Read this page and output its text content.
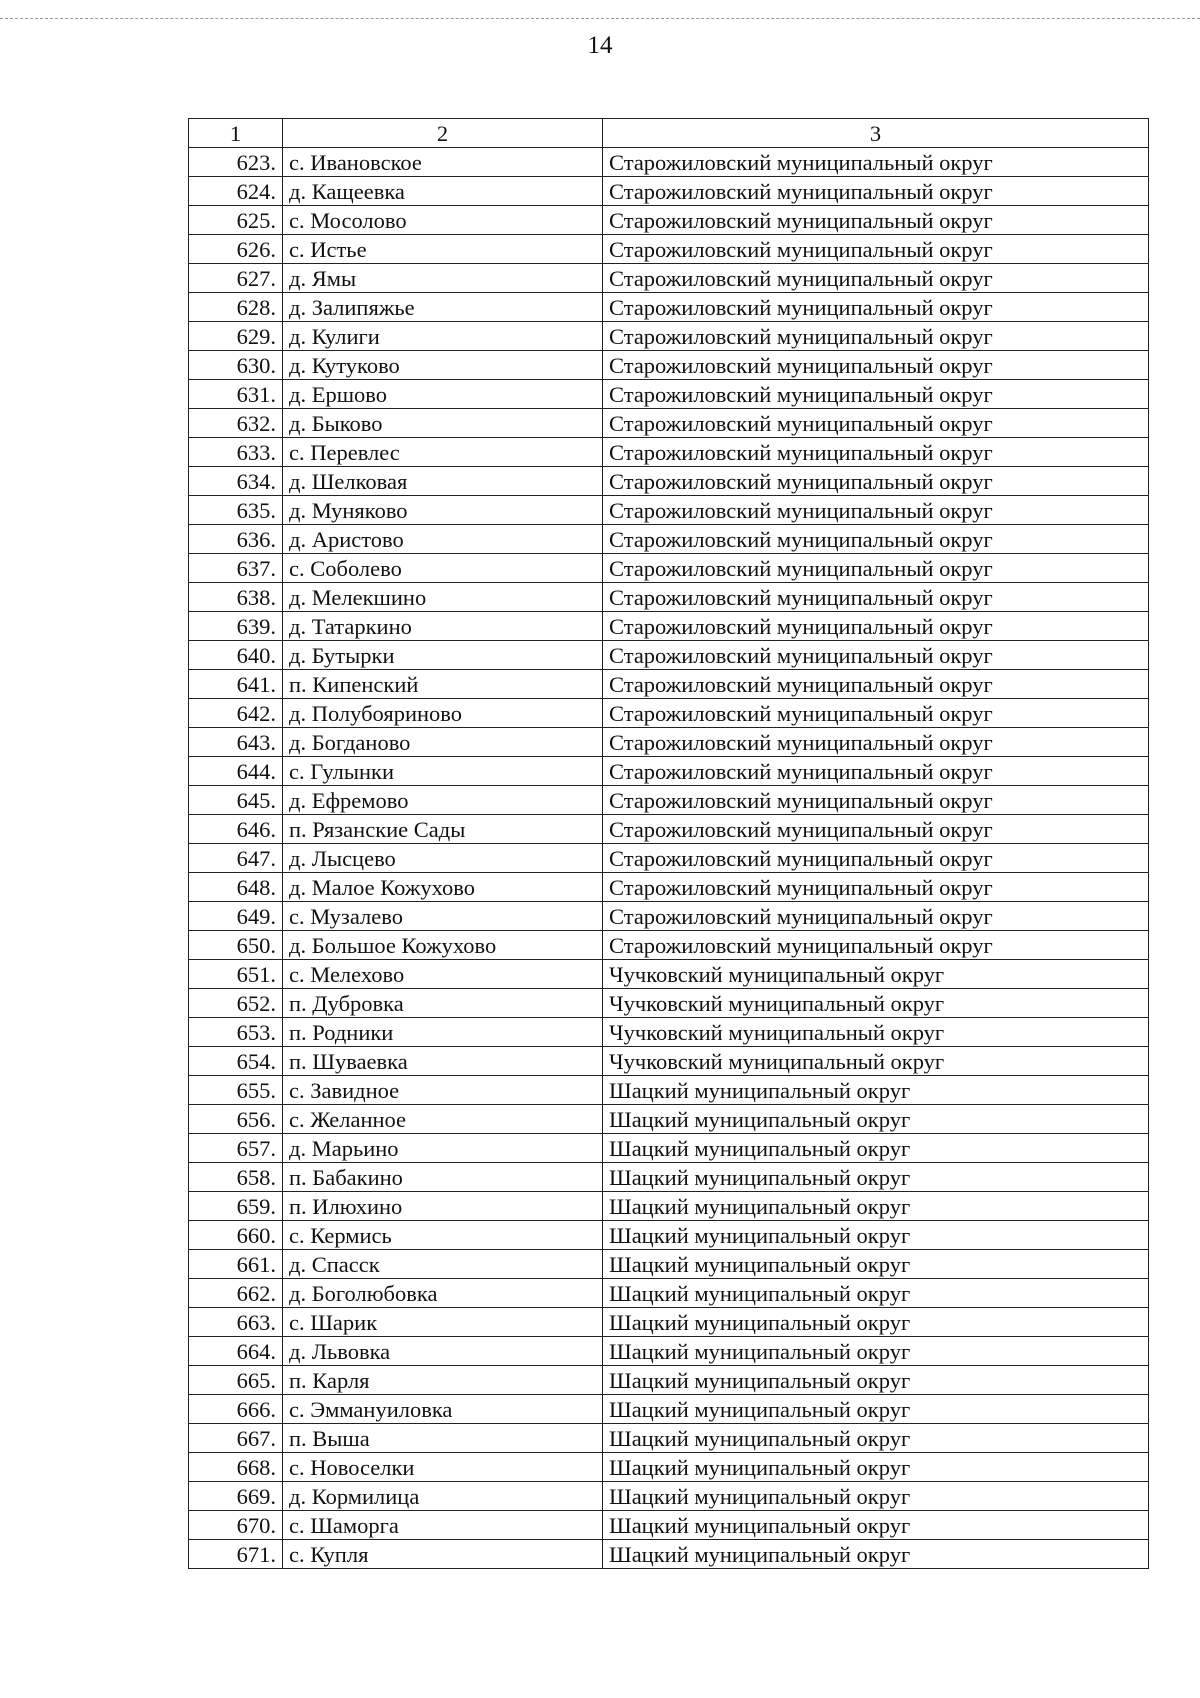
14
1	2	3
623.	с. Ивановское	Старожиловский муниципальный округ
624.	д. Кащеевка	Старожиловский муниципальный округ
625.	с. Мосолово	Старожиловский муниципальный округ
626.	с. Истье	Старожиловский муниципальный округ
627.	д. Ямы	Старожиловский муниципальный округ
628.	д. Залипяжье	Старожиловский муниципальный округ
629.	д. Кулиги	Старожиловский муниципальный округ
630.	д. Кутуково	Старожиловский муниципальный округ
631.	д. Ершово	Старожиловский муниципальный округ
632.	д. Быково	Старожиловский муниципальный округ
633.	с. Перевлес	Старожиловский муниципальный округ
634.	д. Шелковая	Старожиловский муниципальный округ
635.	д. Муняково	Старожиловский муниципальный округ
636.	д. Аристово	Старожиловский муниципальный округ
637.	с. Соболево	Старожиловский муниципальный округ
638.	д. Мелекшино	Старожиловский муниципальный округ
639.	д. Татаркино	Старожиловский муниципальный округ
640.	д. Бутырки	Старожиловский муниципальный округ
641.	п. Кипенский	Старожиловский муниципальный округ
642.	д. Полубояриново	Старожиловский муниципальный округ
643.	д. Богданово	Старожиловский муниципальный округ
644.	с. Гулынки	Старожиловский муниципальный округ
645.	д. Ефремово	Старожиловский муниципальный округ
646.	п. Рязанские Сады	Старожиловский муниципальный округ
647.	д. Лысцево	Старожиловский муниципальный округ
648.	д. Малое Кожухово	Старожиловский муниципальный округ
649.	с. Музалево	Старожиловский муниципальный округ
650.	д. Большое Кожухово	Старожиловский муниципальный округ
651.	с. Мелехово	Чучковский муниципальный округ
652.	п. Дубровка	Чучковский муниципальный округ
653.	п. Родники	Чучковский муниципальный округ
654.	п. Шуваевка	Чучковский муниципальный округ
655.	с. Завидное	Шацкий муниципальный округ
656.	с. Желанное	Шацкий муниципальный округ
657.	д. Марьино	Шацкий муниципальный округ
658.	п. Бабакино	Шацкий муниципальный округ
659.	п. Илюхино	Шацкий муниципальный округ
660.	с. Кермись	Шацкий муниципальный округ
661.	д. Спасск	Шацкий муниципальный округ
662.	д. Боголюбовка	Шацкий муниципальный округ
663.	с. Шарик	Шацкий муниципальный округ
664.	д. Львовка	Шацкий муниципальный округ
665.	п. Карля	Шацкий муниципальный округ
666.	с. Эммануиловка	Шацкий муниципальный округ
667.	п. Выша	Шацкий муниципальный округ
668.	с. Новоселки	Шацкий муниципальный округ
669.	д. Кормилица	Шацкий муниципальный округ
670.	с. Шаморга	Шацкий муниципальный округ
671.	с. Купля	Шацкий муниципальный округ
